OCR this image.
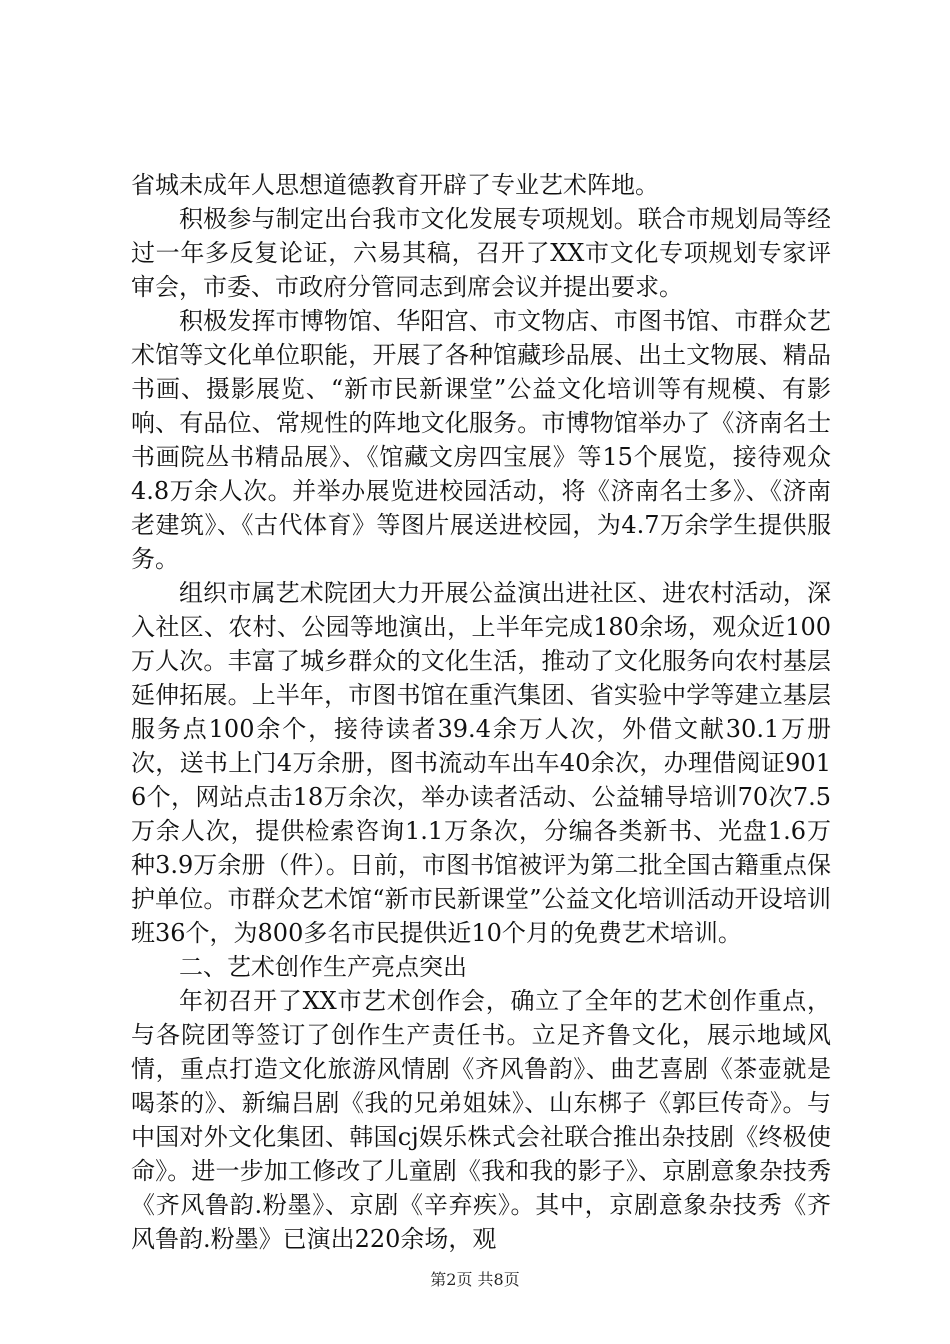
省城未成年人思想道德教育开辟了专业艺术阵地。

积极参与制定出台我市文化发展专项规划。联合市规划局等经过一年多反复论证，六易其稿，召开了XX市文化专项规划专家评审会，市委、市政府分管同志到席会议并提出要求。

积极发挥市博物馆、华阳宫、市文物店、市图书馆、市群众艺术馆等文化单位职能，开展了各种馆藏珍品展、出土文物展、精品书画、摄影展览、“新市民新课堂”公益文化培训等有规模、有影响、有品位、常规性的阵地文化服务。市博物馆举办了《济南名士书画院丛书精品展》、《馆藏文房四宝展》等15个展览，接待观众4.8万余人次。并举办展览进校园活动，将《济南名士多》、《济南老建筑》、《古代体育》等图片展送进校园，为4.7万余学生提供服务。

组织市属艺术院团大力开展公益演出进社区、进农村活动，深入社区、农村、公园等地演出，上半年完成180余场，观众近100万人次。丰富了城乡群众的文化生活，推动了文化服务向农村基层延伸拓展。上半年，市图书馆在重汽集团、省实验中学等建立基层服务点100余个，接待读者39.4余万人次，外借文献30.1万册次，送书上门4万余册，图书流动车出车40余次，办理借阅证9016个，网站点击18万余次，举办读者活动、公益辅导培训70次7.5万余人次，提供检索咨询1.1万条次，分编各类新书、光盘1.6万种3.9万余册（件）。日前，市图书馆被评为第二批全国古籍重点保护单位。市群众艺术馆“新市民新课堂”公益文化培训活动开设培训班36个，为800多名市民提供近10个月的免费艺术培训。

二、艺术创作生产亮点突出

年初召开了XX市艺术创作会，确立了全年的艺术创作重点，与各院团等签订了创作生产责任书。立足齐鲁文化，展示地域风情，重点打造文化旅游风情剧《齐风鲁韵》、曲艺喜剧《茶壶就是喝茶的》、新编吕剧《我的兄弟姐妹》、山东梆子《郭巨传奇》。与中国对外文化集团、韩国cj娱乐株式会社联合推出杂技剧《终极使命》。进一步加工修改了儿童剧《我和我的影子》、京剧意象杂技秀《齐风鲁韵.粉墨》、京剧《辛弃疾》。其中，京剧意象杂技秀《齐风鲁韵.粉墨》已演出220余场，观

第2页 共8页
